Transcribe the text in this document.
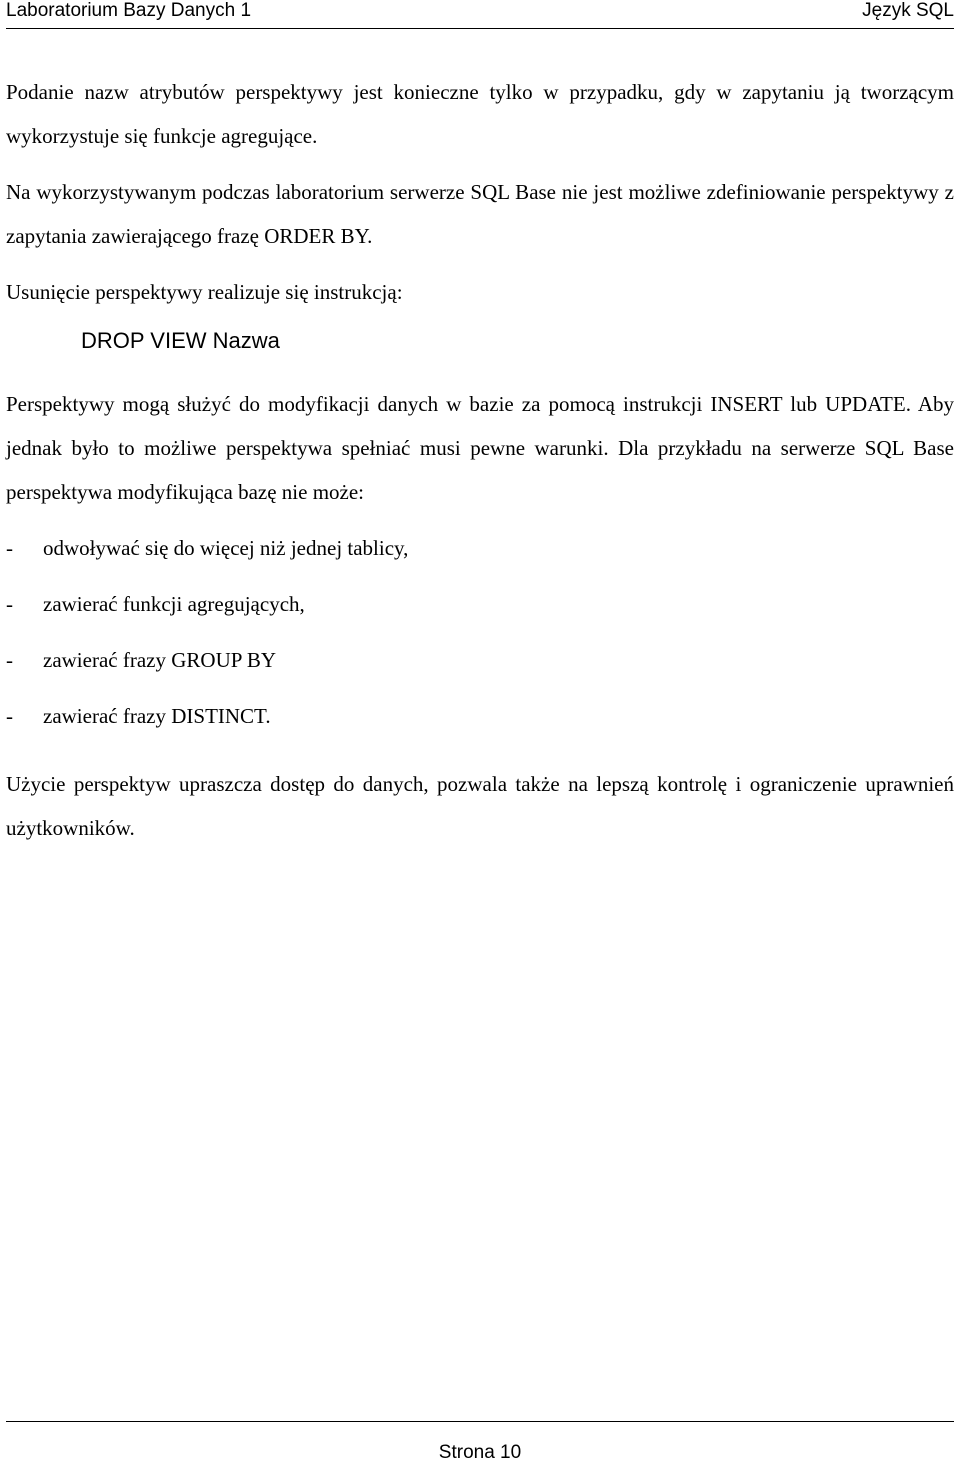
Laboratorium Bazy Danych 1	Język SQL

Podanie nazw atrybutów perspektywy jest konieczne tylko w przypadku, gdy w zapytaniu ją tworzącym wykorzystuje się funkcje agregujące.

Na wykorzystywanym podczas laboratorium serwerze SQL Base nie jest możliwe zdefiniowanie perspektywy z zapytania zawierającego frazę ORDER BY.

Usunięcie perspektywy realizuje się instrukcją:

DROP VIEW Nazwa

Perspektywy mogą służyć do modyfikacji danych w bazie za pomocą instrukcji INSERT lub UPDATE. Aby jednak było to możliwe perspektywa spełniać musi pewne warunki. Dla przykładu na serwerze SQL Base perspektywa modyfikująca bazę nie może:

- odwoływać się do więcej niż jednej tablicy,
- zawierać funkcji agregujących,
- zawierać frazy GROUP BY
- zawierać frazy DISTINCT.

Użycie perspektyw upraszcza dostęp do danych, pozwala także na lepszą kontrolę i ograniczenie uprawnień użytkowników.

Strona 10
